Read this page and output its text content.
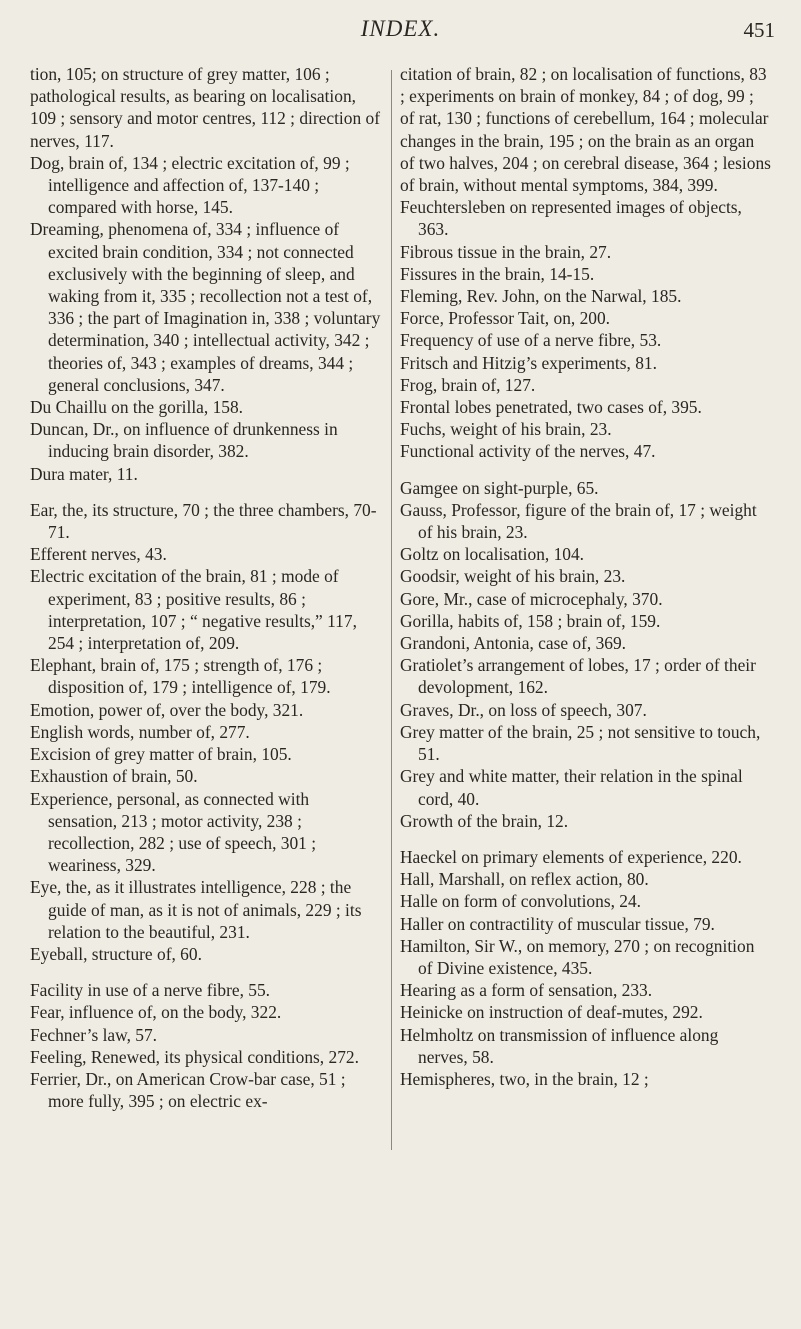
INDEX.	451
tion, 105; on structure of grey matter, 106 ; pathological results, as bearing on localisation, 109 ; sensory and motor centres, 112 ; direction of nerves, 117.
Dog, brain of, 134 ; electric excitation of, 99 ; intelligence and affection of, 137-140 ; compared with horse, 145.
Dreaming, phenomena of, 334 ; influence of excited brain condition, 334 ; not connected exclusively with the beginning of sleep, and waking from it, 335 ; recollection not a test of, 336 ; the part of Imagination in, 338 ; voluntary determination, 340 ; intellectual activity, 342 ; theories of, 343 ; examples of dreams, 344 ; general conclusions, 347.
Du Chaillu on the gorilla, 158.
Duncan, Dr., on influence of drunkenness in inducing brain disorder, 382.
Dura mater, 11.
Ear, the, its structure, 70 ; the three chambers, 70-71.
Efferent nerves, 43.
Electric excitation of the brain, 81 ; mode of experiment, 83 ; positive results, 86 ; interpretation, 107 ; “ negative results,” 117, 254 ; interpretation of, 209.
Elephant, brain of, 175 ; strength of, 176 ; disposition of, 179 ; intelligence of, 179.
Emotion, power of, over the body, 321.
English words, number of, 277.
Excision of grey matter of brain, 105.
Exhaustion of brain, 50.
Experience, personal, as connected with sensation, 213 ; motor activity, 238 ; recollection, 282 ; use of speech, 301 ; weariness, 329.
Eye, the, as it illustrates intelligence, 228 ; the guide of man, as it is not of animals, 229 ; its relation to the beautiful, 231.
Eyeball, structure of, 60.
Facility in use of a nerve fibre, 55.
Fear, influence of, on the body, 322.
Fechner’s law, 57.
Feeling, Renewed, its physical conditions, 272.
Ferrier, Dr., on American Crow-bar case, 51 ; more fully, 395 ; on electric ex-
citation of brain, 82 ; on localisation of functions, 83 ; experiments on brain of monkey, 84 ; of dog, 99 ; of rat, 130 ; functions of cerebellum, 164 ; molecular changes in the brain, 195 ; on the brain as an organ of two halves, 204 ; on cerebral disease, 364 ; lesions of brain, without mental symptoms, 384, 399.
Feuchtersleben on represented images of objects, 363.
Fibrous tissue in the brain, 27.
Fissures in the brain, 14-15.
Fleming, Rev. John, on the Narwal, 185.
Force, Professor Tait, on, 200.
Frequency of use of a nerve fibre, 53.
Fritsch and Hitzig’s experiments, 81.
Frog, brain of, 127.
Frontal lobes penetrated, two cases of, 395.
Fuchs, weight of his brain, 23.
Functional activity of the nerves, 47.
Gamgee on sight-purple, 65.
Gauss, Professor, figure of the brain of, 17 ; weight of his brain, 23.
Goltz on localisation, 104.
Goodsir, weight of his brain, 23.
Gore, Mr., case of microcephaly, 370.
Gorilla, habits of, 158 ; brain of, 159.
Grandoni, Antonia, case of, 369.
Gratiolet’s arrangement of lobes, 17 ; order of their devolopment, 162.
Graves, Dr., on loss of speech, 307.
Grey matter of the brain, 25 ; not sensitive to touch, 51.
Grey and white matter, their relation in the spinal cord, 40.
Growth of the brain, 12.
Haeckel on primary elements of experience, 220.
Hall, Marshall, on reflex action, 80.
Halle on form of convolutions, 24.
Haller on contractility of muscular tissue, 79.
Hamilton, Sir W., on memory, 270 ; on recognition of Divine existence, 435.
Hearing as a form of sensation, 233.
Heinicke on instruction of deaf-mutes, 292.
Helmholtz on transmission of influence along nerves, 58.
Hemispheres, two, in the brain, 12 ;
